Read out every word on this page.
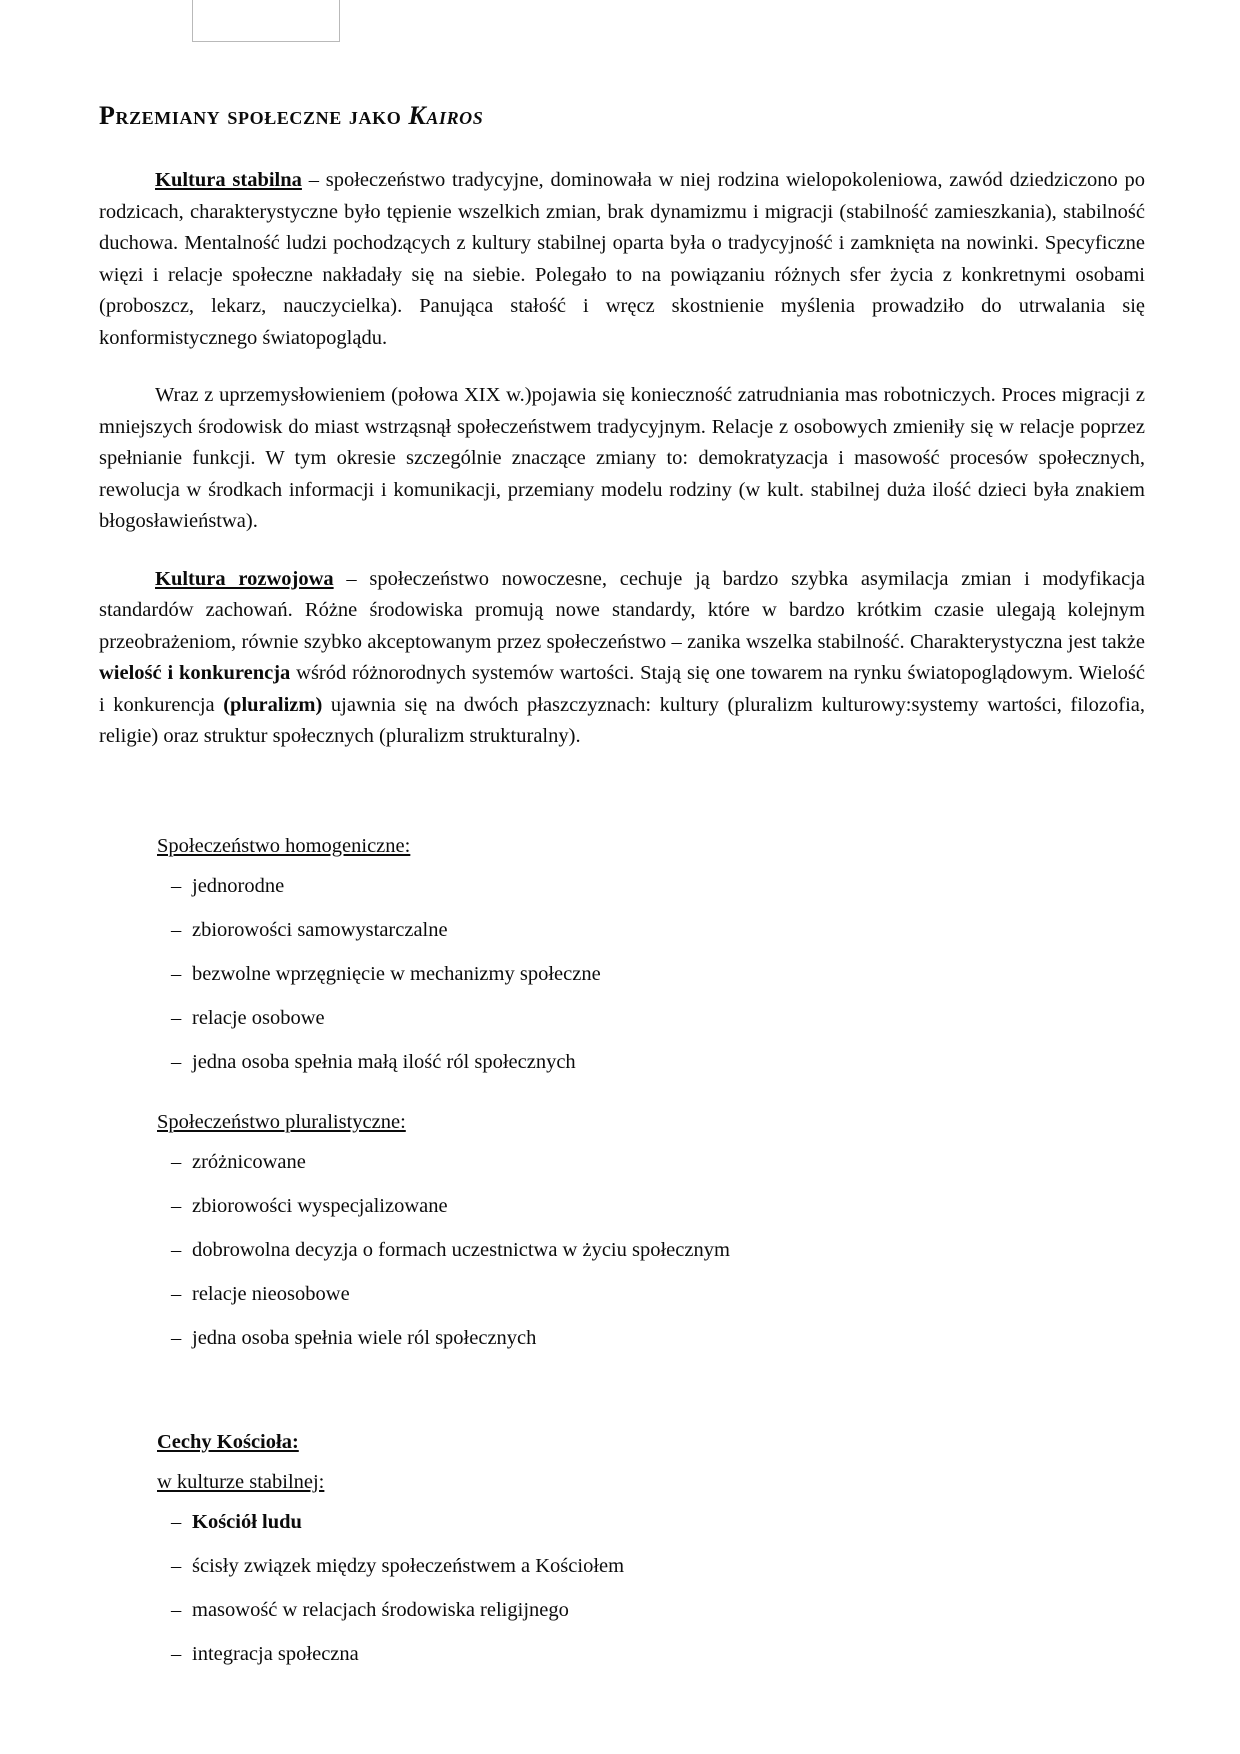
Przemiany społeczne jako Kairos

Kultura stabilna – społeczeństwo tradycyjne, dominowała w niej rodzina wielopokoleniowa, zawód dziedziczono po rodzicach, charakterystyczne było tępienie wszelkich zmian, brak dynamizmu i migracji (stabilność zamieszkania), stabilność duchowa. Mentalność ludzi pochodzących z kultury stabilnej oparta była o tradycyjność i zamknięta na nowinki. Specyficzne więzi i relacje społeczne nakładały się na siebie. Polegało to na powiązaniu różnych sfer życia z konkretnymi osobami (proboszcz, lekarz, nauczycielka). Panująca stałość i wręcz skostnienie myślenia prowadziło do utrwalania się konformistycznego światopoglądu.

Wraz z uprzemysłowieniem (połowa XIX w.)pojawia się konieczność zatrudniania mas robotniczych. Proces migracji z mniejszych środowisk do miast wstrząsnął społeczeństwem tradycyjnym. Relacje z osobowych zmieniły się w relacje poprzez spełnianie funkcji. W tym okresie szczególnie znaczące zmiany to: demokratyzacja i masowość procesów społecznych, rewolucja w środkach informacji i komunikacji, przemiany modelu rodziny (w kult. stabilnej duża ilość dzieci była znakiem błogosławieństwa).

Kultura rozwojowa – społeczeństwo nowoczesne, cechuje ją bardzo szybka asymilacja zmian i modyfikacja standardów zachowań. Różne środowiska promują nowe standardy, które w bardzo krótkim czasie ulegają kolejnym przeobrażeniom, równie szybko akceptowanym przez społeczeństwo – zanika wszelka stabilność. Charakterystyczna jest także wielość i konkurencja wśród różnorodnych systemów wartości. Stają się one towarem na rynku światopoglądowym. Wielość i konkurencja (pluralizm) ujawnia się na dwóch płaszczyznach: kultury (pluralizm kulturowy:systemy wartości, filozofia, religie) oraz struktur społecznych (pluralizm strukturalny).

Społeczeństwo homogeniczne:
– jednorodne
– zbiorowości samowystarczalne
– bezwolne wprzęgnięcie w mechanizmy społeczne
– relacje osobowe
– jedna osoba spełnia małą ilość ról społecznych
Społeczeństwo pluralistyczne:
– zróżnicowane
– zbiorowości wyspecjalizowane
– dobrowolna decyzja o formach uczestnictwa w życiu społecznym
– relacje nieosobowe
– jedna osoba spełnia wiele ról społecznych
Cechy Kościoła:
w kulturze stabilnej:
– Kościół ludu
– ścisły związek między społeczeństwem a Kościołem
– masowość w relacjach środowiska religijnego
– integracja społeczna
